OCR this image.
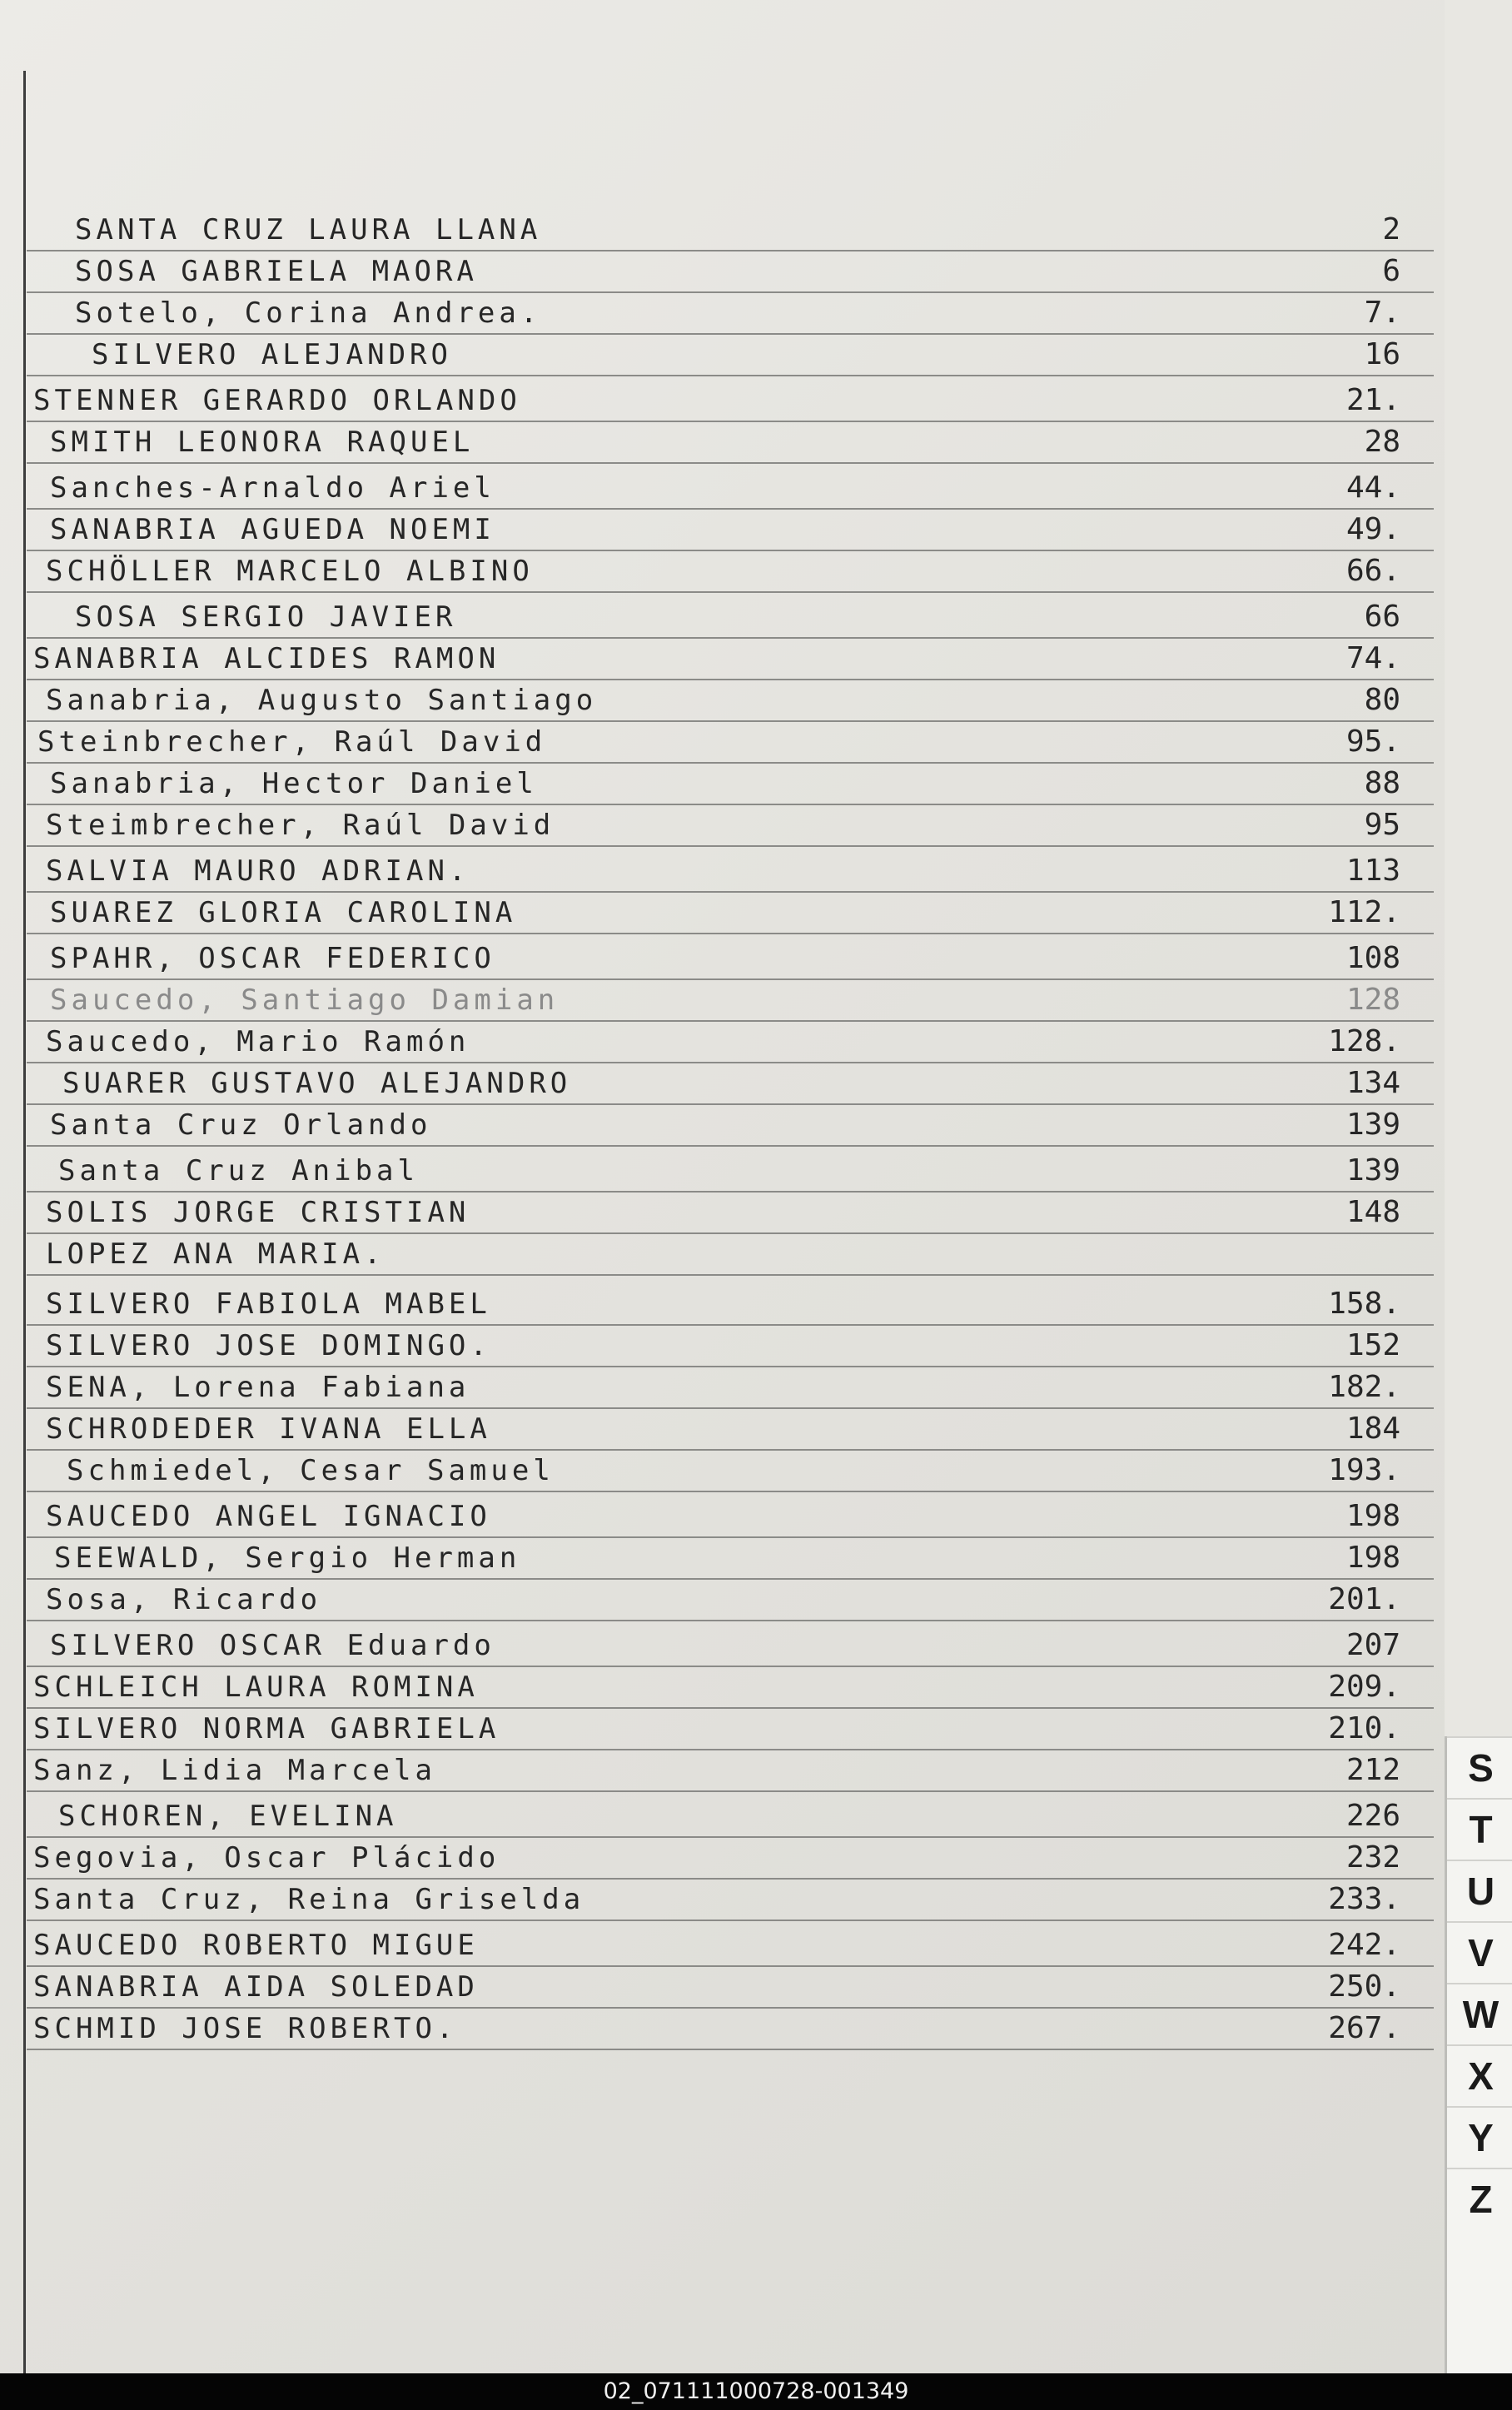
SANTA CRUZ LAURA LLANA	2
SOSA GABRIELA MAORA	6
Sotelo, Corina Andrea.	7.
SILVERO ALEJANDRO	16
STENNER GERARDO ORLANDO	21.
SMITH LEONORA RAQUEL	28
Sanches-Arnaldo Ariel	44.
SANABRIA AGUEDA NOEMI	49.
SCHÖLLER MARCELO ALBINO	66.
SOSA SERGIO JAVIER	66
SANABRIA ALCIDES RAMON	74.
Sanabria, Augusto Santiago	80
Steinbrecher, Raúl David	95.
Sanabria, Hector Daniel	88
Steimbrecher, Raúl David	95
SALVIA MAURO ADRIAN.	113
SUAREZ GLORIA CAROLINA	112.
SPAHR, OSCAR FEDERICO	108
Saucedo, Santiago Damian	128
Saucedo, Mario Ramón	128.
SUARER GUSTAVO ALEJANDRO	134
Santa Cruz Orlando	139
Santa Cruz Anibal	139
SOLIS JORGE CRISTIAN	148
LOPEZ ANA MARIA.
SILVERO FABIOLA MABEL	158.
SILVERO JOSE DOMINGO.	152
SENA, Lorena Fabiana	182.
SCHRODEDER IVANA ELLA	184
Schmiedel, Cesar Samuel	193.
SAUCEDO ANGEL IGNACIO	198
SEEWALD, Sergio Herman	198
Sosa, Ricardo	201.
SILVERO OSCAR Eduardo	207
SCHLEICH LAURA ROMINA	209.
SILVERO NORMA GABRIELA	210.
Sanz, Lidia Marcela	212
SCHOREN, EVELINA	226
Segovia, Oscar Plácido	232
Santa Cruz, Reina Griselda	233.
SAUCEDO ROBERTO MIGUE	242.
SANABRIA AIDA SOLEDAD	250.
SCHMID JOSE ROBERTO.	267.
S
T
U
V
W
X
Y
Z
02_071111000728-001349
